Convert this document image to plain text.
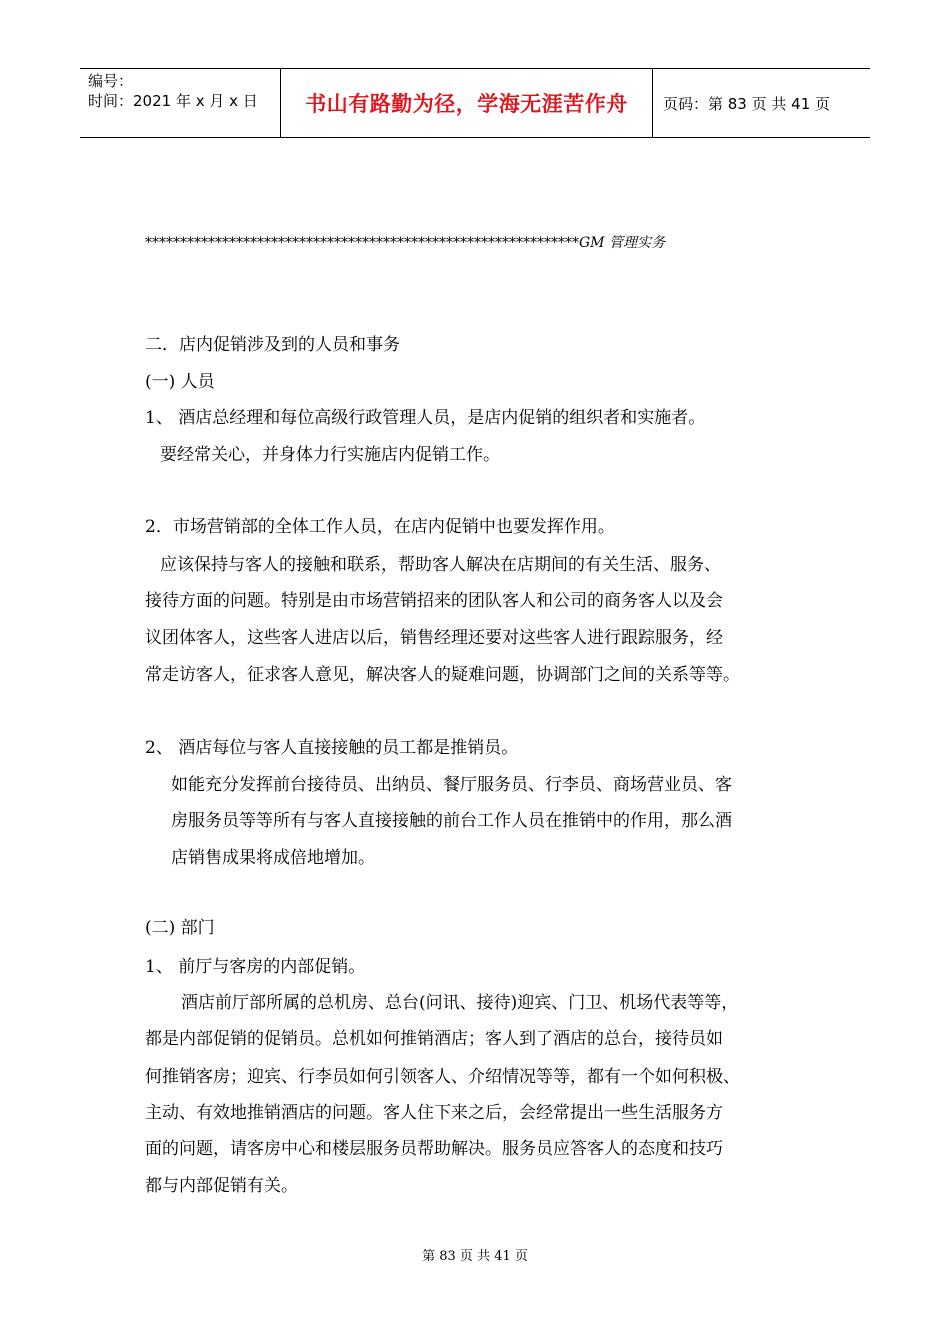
编号：
时间：2021 年 x 月 x 日	书山有路勤为径，学海无涯苦作舟 页码：第 83 页 共 41 页
**************************************************************GM 管理实务
二．店内促销涉及到的人员和事务
(一) 人员
1、 酒店总经理和每位高级行政管理人员，是店内促销的组织者和实施者。
要经常关心，并身体力行实施店内促销工作。
2．市场营销部的全体工作人员，在店内促销中也要发挥作用。
应该保持与客人的接触和联系，帮助客人解决在店期间的有关生活、服务、
接待方面的问题。特别是由市场营销招来的团队客人和公司的商务客人以及会
议团体客人，这些客人进店以后，销售经理还要对这些客人进行跟踪服务，经
常走访客人，征求客人意见，解决客人的疑难问题，协调部门之间的关系等等。
2、 酒店每位与客人直接接触的员工都是推销员。
如能充分发挥前台接待员、出纳员、餐厅服务员、行李员、商场营业员、客
房服务员等等所有与客人直接接触的前台工作人员在推销中的作用，那么酒
店销售成果将成倍地增加。
(二) 部门
1、 前厅与客房的内部促销。
酒店前厅部所属的总机房、总台(问讯、接待)迎宾、门卫、机场代表等等，
都是内部促销的促销员。总机如何推销酒店；客人到了酒店的总台，接待员如
何推销客房；迎宾、行李员如何引领客人、介绍情况等等，都有一个如何积极、
主动、有效地推销酒店的问题。客人住下来之后，会经常提出一些生活服务方
面的问题，请客房中心和楼层服务员帮助解决。服务员应答客人的态度和技巧
都与内部促销有关。
第 83 页 共 41 页
